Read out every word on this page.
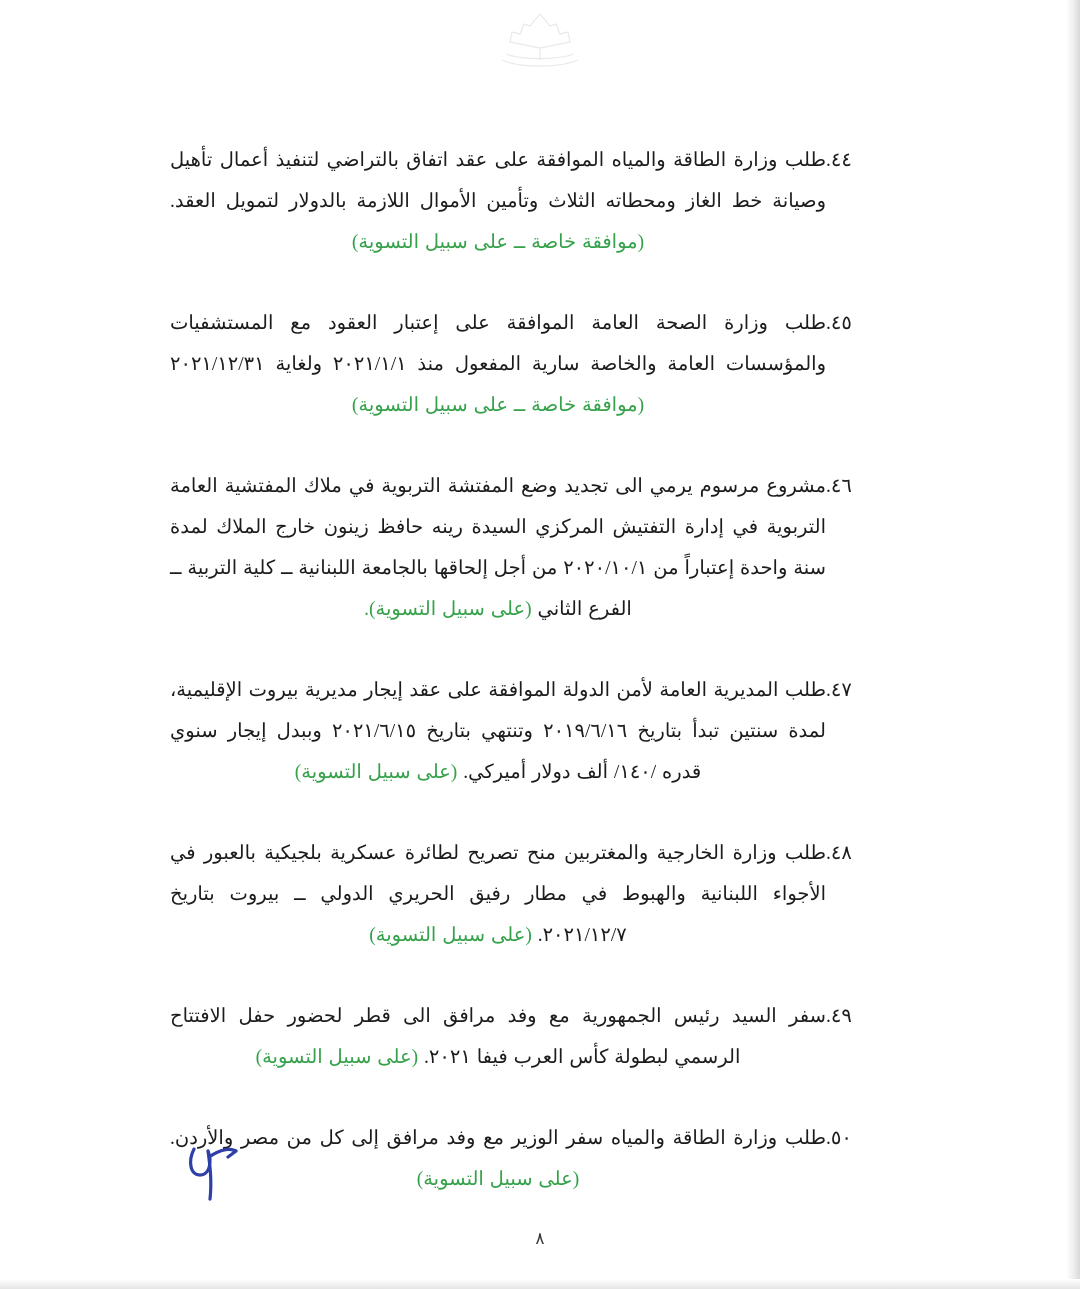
٤٤.
طلب وزارة الطاقة والمياه الموافقة على عقد اتفاق بالتراضي لتنفيذ أعمال تأهيل وصيانة خط الغاز ومحطاته الثلاث وتأمين الأموال اللازمة بالدولار لتمويل العقد. (موافقة خاصة ــ على سبيل التسوية)
٤٥.
طلب وزارة الصحة العامة الموافقة على إعتبار العقود مع المستشفيات والمؤسسات العامة والخاصة سارية المفعول منذ ٢٠٢١/١/١ ولغاية ٢٠٢١/١٢/٣١ (موافقة خاصة ــ على سبيل التسوية)
٤٦.
مشروع مرسوم يرمي الى تجديد وضع المفتشة التربوية في ملاك المفتشية العامة التربوية في إدارة التفتيش المركزي السيدة رينه حافظ زينون خارج الملاك لمدة سنة واحدة إعتباراً من ٢٠٢٠/١٠/١ من أجل إلحاقها بالجامعة اللبنانية ــ كلية التربية ــ الفرع الثاني (على سبيل التسوية).
٤٧.
طلب المديرية العامة لأمن الدولة الموافقة على عقد إيجار مديرية بيروت الإقليمية، لمدة سنتين تبدأ بتاريخ ٢٠١٩/٦/١٦ وتنتهي بتاريخ ٢٠٢١/٦/١٥ وببدل إيجار سنوي قدره /١٤٠/ ألف دولار أميركي. (على سبيل التسوية)
٤٨.
طلب وزارة الخارجية والمغتربين منح تصريح لطائرة عسكرية بلجيكية بالعبور في الأجواء اللبنانية والهبوط في مطار رفيق الحريري الدولي ــ بيروت بتاريخ ٢٠٢١/١٢/٧. (على سبيل التسوية)
٤٩.
سفر السيد رئيس الجمهورية مع وفد مرافق الى قطر لحضور حفل الافتتاح الرسمي لبطولة كأس العرب فيفا ٢٠٢١. (على سبيل التسوية)
٥٠.
طلب وزارة الطاقة والمياه سفر الوزير مع وفد مرافق إلى كل من مصر والأردن. (على سبيل التسوية)
٨
